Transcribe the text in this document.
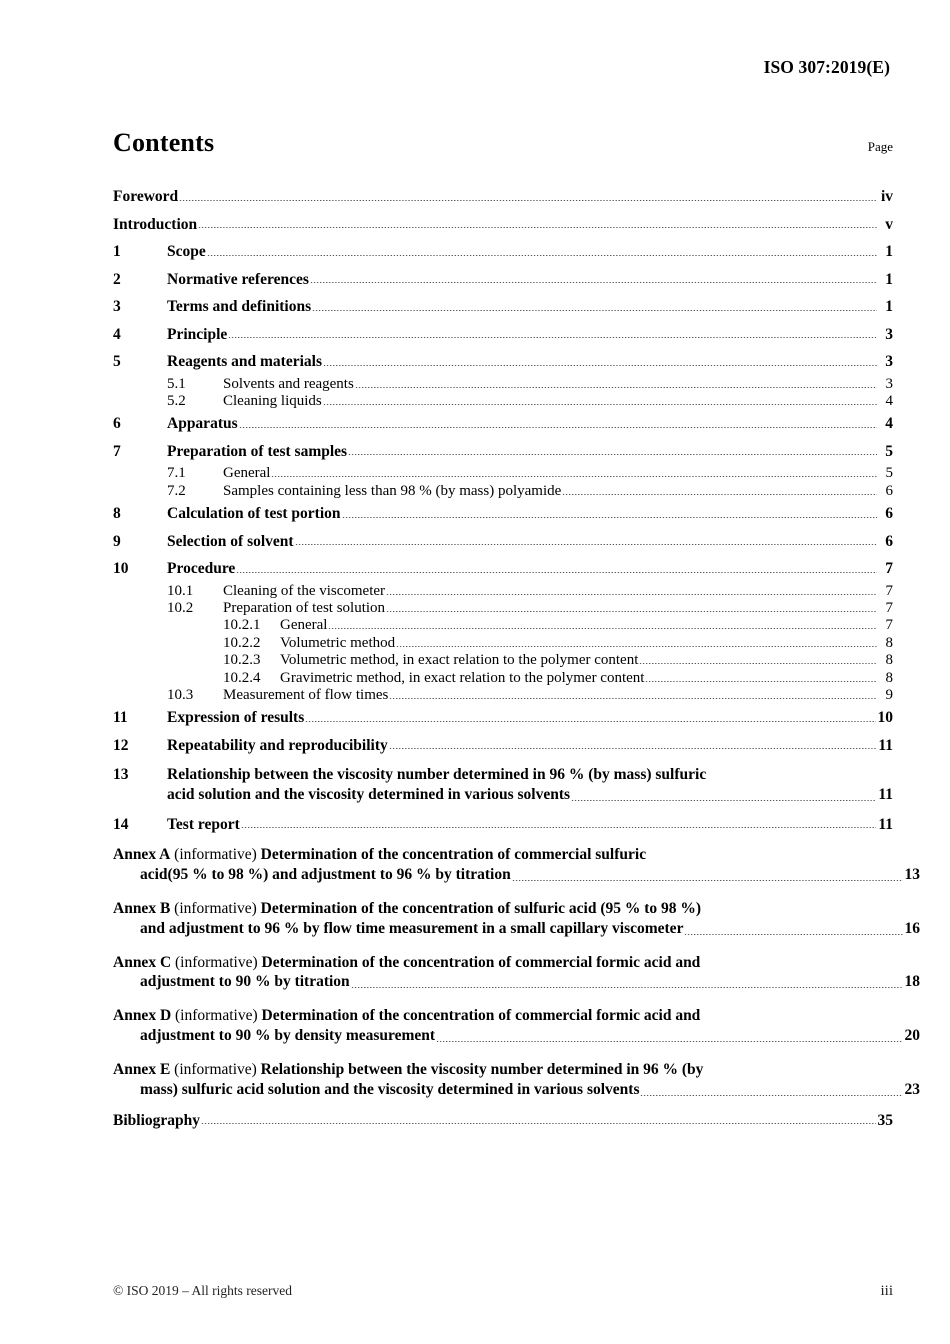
ISO 307:2019(E)
Contents	Page
Foreword	iv
Introduction	v
1	Scope	1
2	Normative references	1
3	Terms and definitions	1
4	Principle	3
5	Reagents and materials	3
5.1	Solvents and reagents	3
5.2	Cleaning liquids	4
6	Apparatus	4
7	Preparation of test samples	5
7.1	General	5
7.2	Samples containing less than 98 % (by mass) polyamide	6
8	Calculation of test portion	6
9	Selection of solvent	6
10	Procedure	7
10.1	Cleaning of the viscometer	7
10.2	Preparation of test solution	7
10.2.1	General	7
10.2.2	Volumetric method	8
10.2.3	Volumetric method, in exact relation to the polymer content	8
10.2.4	Gravimetric method, in exact relation to the polymer content	8
10.3	Measurement of flow times	9
11	Expression of results	10
12	Repeatability and reproducibility	11
13	Relationship between the viscosity number determined in 96 % (by mass) sulfuric
acid solution and the viscosity determined in various solvents	11
14	Test report	11
Annex A (informative) Determination of the concentration of commercial sulfuric
acid(95 % to 98 %) and adjustment to 96 % by titration	13
Annex B (informative) Determination of the concentration of sulfuric acid (95 % to 98 %)
and adjustment to 96 % by flow time measurement in a small capillary viscometer	16
Annex C (informative) Determination of the concentration of commercial formic acid and
adjustment to 90 % by titration	18
Annex D (informative) Determination of the concentration of commercial formic acid and
adjustment to 90 % by density measurement	20
Annex E (informative) Relationship between the viscosity number determined in 96 % (by
mass) sulfuric acid solution and the viscosity determined in various solvents	23
Bibliography	35
© ISO 2019 – All rights reserved	iii
